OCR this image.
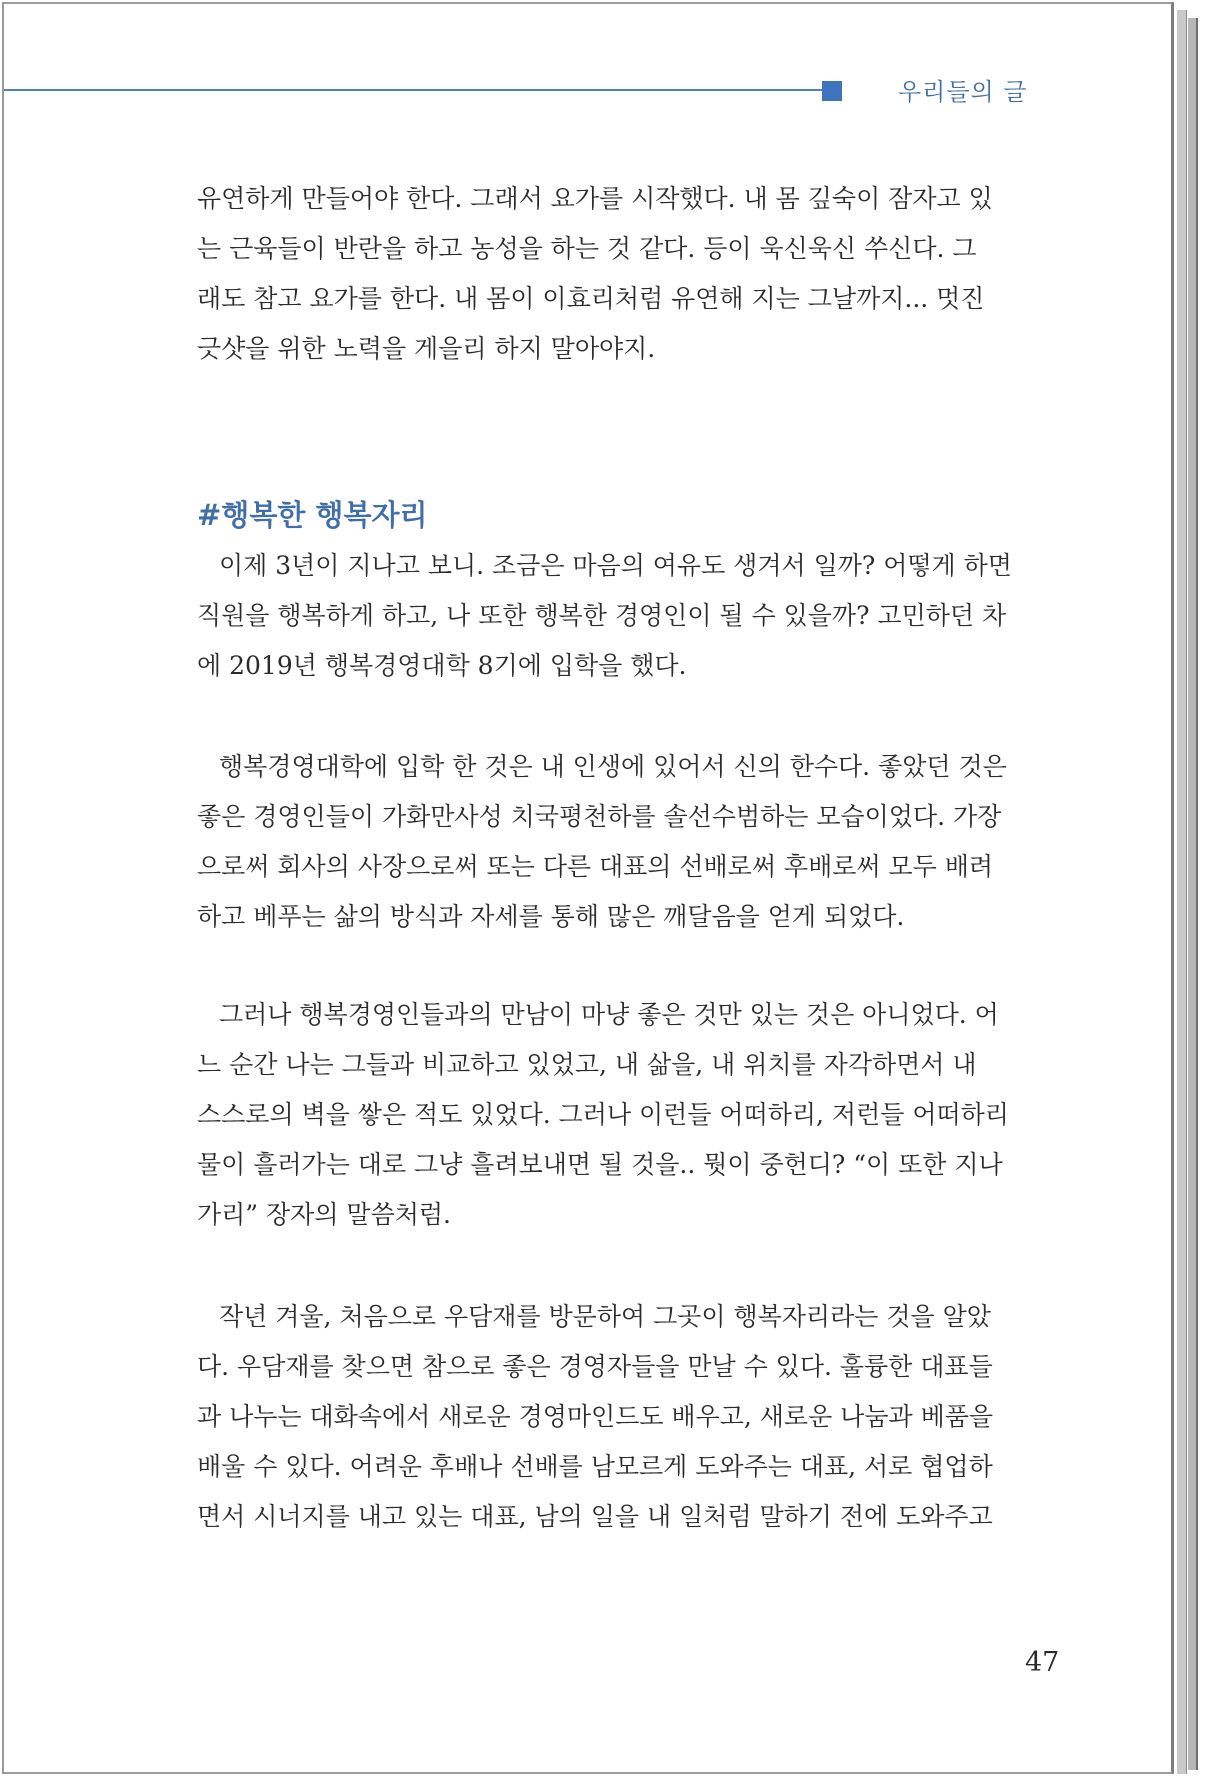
우리들의 글
유연하게 만들어야 한다. 그래서 요가를 시작했다. 내 몸 깊숙이 잠자고 있
는 근육들이 반란을 하고 농성을 하는 것 같다. 등이 욱신욱신 쑤신다. 그
래도 참고 요가를 한다. 내 몸이 이효리처럼 유연해 지는 그날까지... 멋진
긋샷을 위한 노력을 게을리 하지 말아야지.
#행복한 행복자리
이제 3년이 지나고 보니. 조금은 마음의 여유도 생겨서 일까? 어떻게 하면
직원을 행복하게 하고, 나 또한 행복한 경영인이 될 수 있을까? 고민하던 차
에 2019년 행복경영대학 8기에 입학을 했다.
행복경영대학에 입학 한 것은 내 인생에 있어서 신의 한수다. 좋았던 것은
좋은 경영인들이 가화만사성 치국평천하를 솔선수범하는 모습이었다. 가장
으로써 회사의 사장으로써 또는 다른 대표의 선배로써 후배로써 모두 배려
하고 베푸는 삶의 방식과 자세를 통해 많은 깨달음을 얻게 되었다.
그러나 행복경영인들과의 만남이 마냥 좋은 것만 있는 것은 아니었다. 어
느 순간 나는 그들과 비교하고 있었고, 내 삶을, 내 위치를 자각하면서 내
스스로의 벽을 쌓은 적도 있었다. 그러나 이런들 어떠하리, 저런들 어떠하리
물이 흘러가는 대로 그냥 흘려보내면 될 것을.. 뭣이 중헌디? “이 또한 지나
가리” 장자의 말씀처럼.
작년 겨울, 처음으로 우담재를 방문하여 그곳이 행복자리라는 것을 알았
다. 우담재를 찾으면 참으로 좋은 경영자들을 만날 수 있다. 훌륭한 대표들
과 나누는 대화속에서 새로운 경영마인드도 배우고, 새로운 나눔과 베품을
배울 수 있다. 어려운 후배나 선배를 남모르게 도와주는 대표, 서로 협업하
면서 시너지를 내고 있는 대표, 남의 일을 내 일처럼 말하기 전에 도와주고
47
